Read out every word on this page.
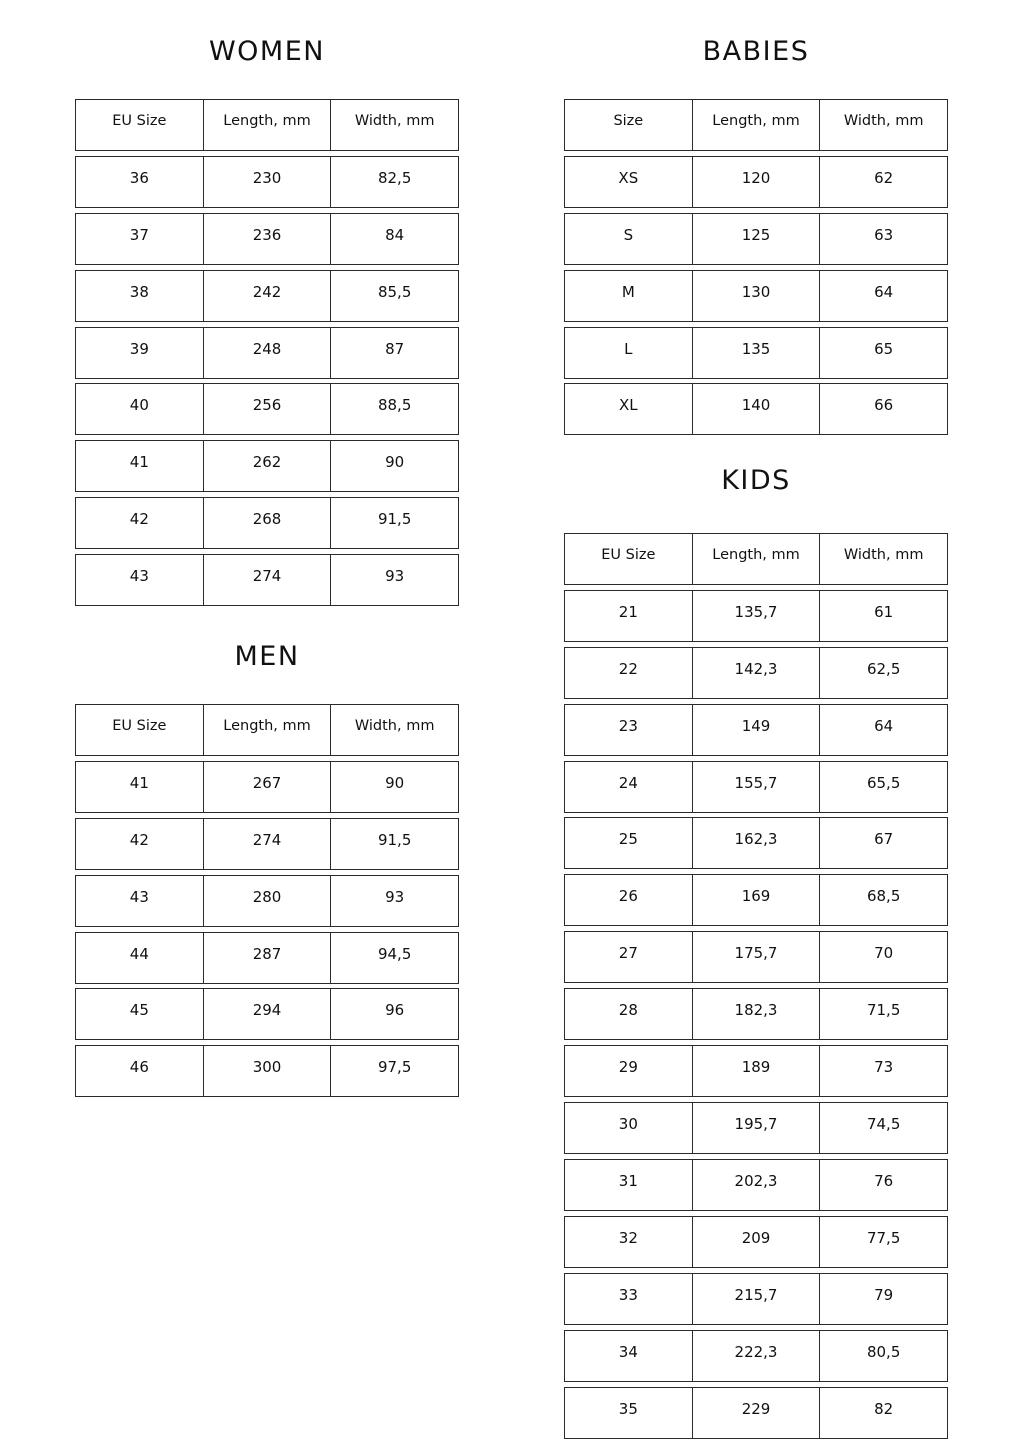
WOMEN
EU Size	Length, mm	Width, mm
36	230	82,5
37	236	84
38	242	85,5
39	248	87
40	256	88,5
41	262	90
42	268	91,5
43	274	93
MEN
EU Size	Length, mm	Width, mm
41	267	90
42	274	91,5
43	280	93
44	287	94,5
45	294	96
46	300	97,5
BABIES
Size	Length, mm	Width, mm
XS	120	62
S	125	63
M	130	64
L	135	65
XL	140	66
KIDS
EU Size	Length, mm	Width, mm
21	135,7	61
22	142,3	62,5
23	149	64
24	155,7	65,5
25	162,3	67
26	169	68,5
27	175,7	70
28	182,3	71,5
29	189	73
30	195,7	74,5
31	202,3	76
32	209	77,5
33	215,7	79
34	222,3	80,5
35	229	82
